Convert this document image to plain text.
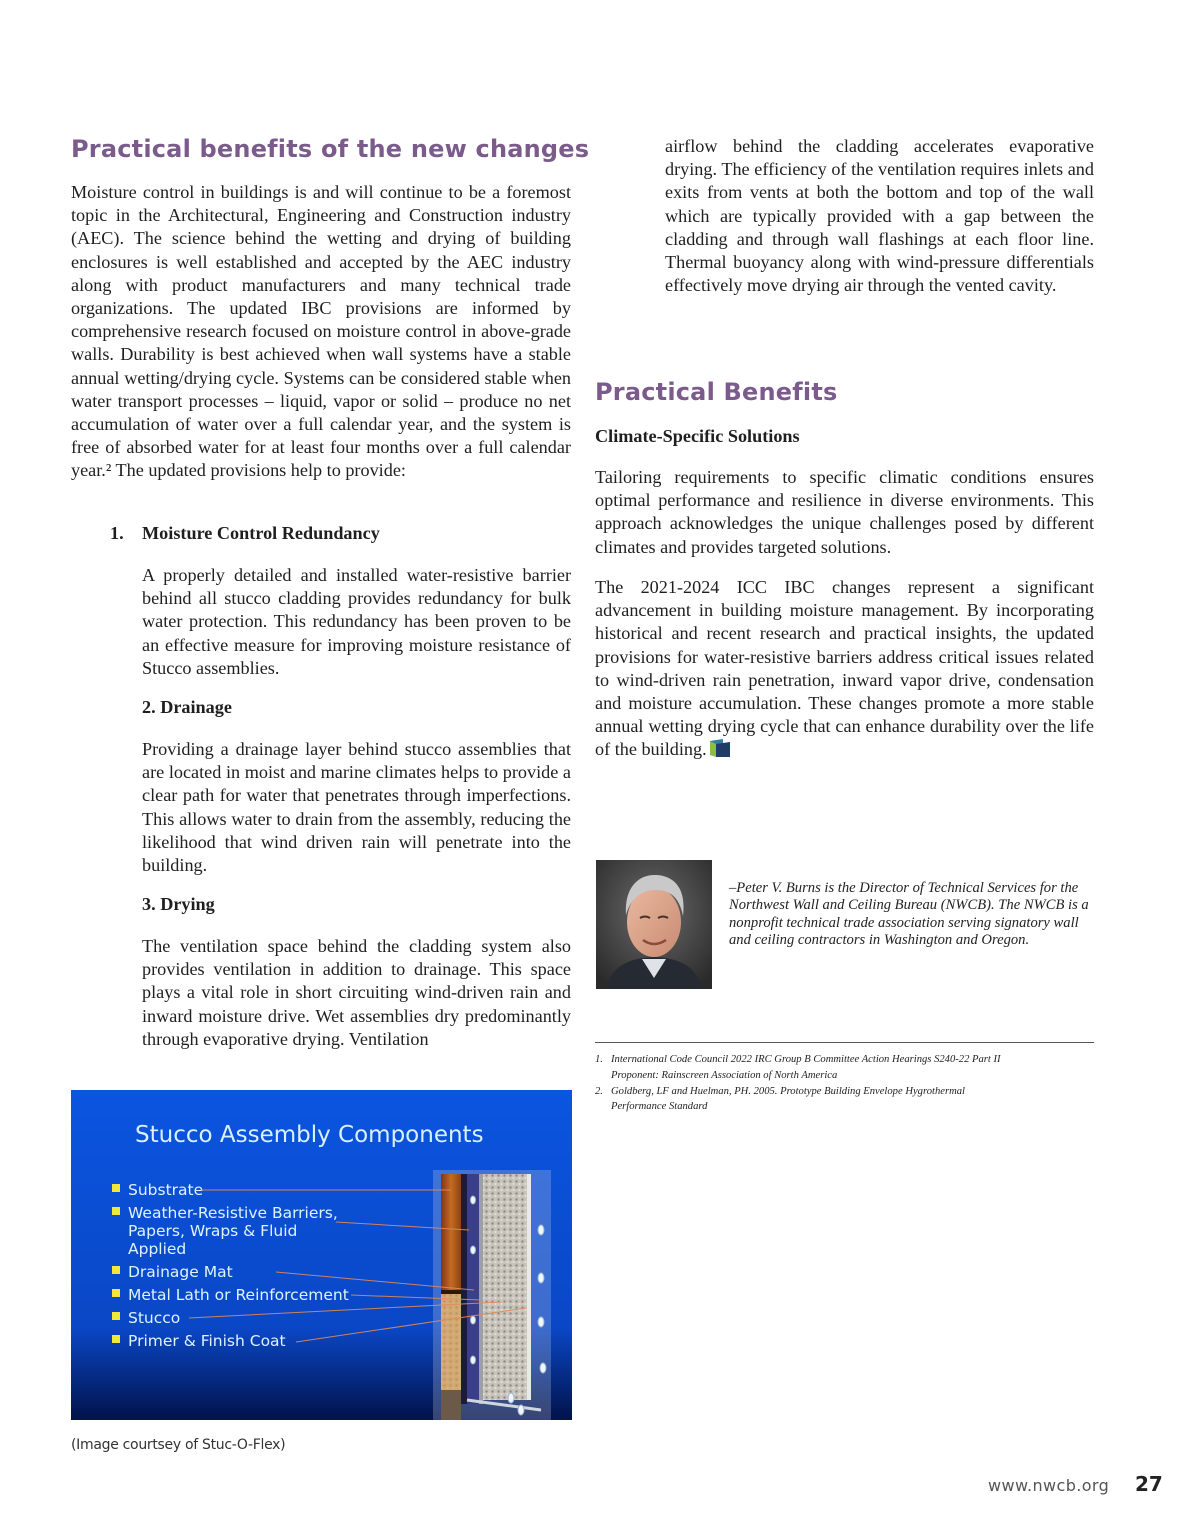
Practical benefits of the new changes

Moisture control in buildings is and will continue to be a foremost topic in the Architectural, Engineering and Construction industry (AEC). The science behind the wetting and drying of building enclosures is well established and accepted by the AEC industry along with product manufacturers and many technical trade organizations. The updated IBC provisions are informed by comprehensive research focused on moisture control in above-grade walls. Durability is best achieved when wall systems have a stable annual wetting/drying cycle. Systems can be considered stable when water transport processes – liquid, vapor or solid – produce no net accumulation of water over a full calendar year, and the system is free of absorbed water for at least four months over a full calendar year.² The updated provisions help to provide:

1. Moisture Control Redundancy

A properly detailed and installed water-resistive barrier behind all stucco cladding provides redundancy for bulk water protection. This redundancy has been proven to be an effective measure for improving moisture resistance of Stucco assemblies.

2. Drainage

Providing a drainage layer behind stucco assemblies that are located in moist and marine climates helps to provide a clear path for water that penetrates through imperfections. This allows water to drain from the assembly, reducing the likelihood that wind driven rain will penetrate into the building.

3. Drying

The ventilation space behind the cladding system also provides ventilation in addition to drainage. This space plays a vital role in short circuiting wind-driven rain and inward moisture drive. Wet assemblies dry predominantly through evaporative drying. Ventilation

airflow behind the cladding accelerates evaporative drying. The efficiency of the ventilation requires inlets and exits from vents at both the bottom and top of the wall which are typically provided with a gap between the cladding and through wall flashings at each floor line. Thermal buoyancy along with wind-pressure differentials effectively move drying air through the vented cavity.

Practical Benefits
Climate-Specific Solutions

Tailoring requirements to specific climatic conditions ensures optimal performance and resilience in diverse environments. This approach acknowledges the unique challenges posed by different climates and provides targeted solutions.

The 2021-2024 ICC IBC changes represent a significant advancement in building moisture management. By incorporating historical and recent research and practical insights, the updated provisions for water-resistive barriers address critical issues related to wind-driven rain penetration, inward vapor drive, condensation and moisture accumulation. These changes promote a more stable annual wetting drying cycle that can enhance durability over the life of the building.

–Peter V. Burns is the Director of Technical Services for the Northwest Wall and Ceiling Bureau (NWCB). The NWCB is a nonprofit technical trade association serving signatory wall and ceiling contractors in Washington and Oregon.
1. International Code Council 2022 IRC Group B Committee Action Hearings S240-22 Part II
Proponent: Rainscreen Association of North America
2. Goldberg, LF and Huelman, PH. 2005. Prototype Building Envelope Hygrothermal
Performance Standard
Stucco Assembly Components
Substrate
Weather-Resistive Barriers,
Papers, Wraps & Fluid
Applied
Drainage Mat
Metal Lath or Reinforcement
Stucco
Primer & Finish Coat
(Image courtsey of Stuc-O-Flex)
www.nwcb.org 27
